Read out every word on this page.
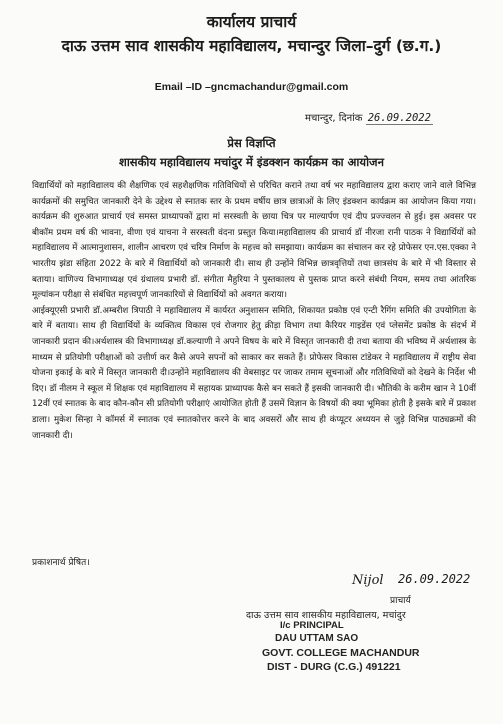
कार्यालय प्राचार्य
दाऊ उत्तम साव शासकीय महाविद्यालय, मचान्दुर जिला–दुर्ग (छ.ग.)
Email –ID –gncmachandur@gmail.com
मचान्दुर, दिनांक 26.09.2022
प्रेस विज्ञप्ति
शासकीय महाविद्यालय मचांदुर में इंडक्शन कार्यक्रम का आयोजन

विद्यार्थियों को महाविद्यालय की शैक्षणिक एवं सहशैक्षणिक गतिविधियों से परिचित कराने तथा वर्ष भर महाविद्यालय द्वारा कराए जाने वाले विभिन्न कार्यक्रमों की समुचित जानकारी देने के उद्देश्य से स्नातक स्तर के प्रथम वर्षीय छात्र छात्राओं के लिए इंडक्शन कार्यक्रम का आयोजन किया गया। कार्यक्रम की शुरुआत प्राचार्य एवं समस्त प्राध्यापकों द्वारा मां सरस्वती के छाया चित्र पर माल्यार्पण एवं दीप प्रज्ज्वलन से हुई। इस अवसर पर बीकॉम प्रथम वर्ष की भावना, वीणा एवं याचना ने सरस्वती वंदना प्रस्तुत किया।महाविद्यालय की प्राचार्य डॉ नीरजा रानी पाठक ने विद्यार्थियों को महाविद्यालय में आत्मानुशासन, शालीन आचरण एवं चरित्र निर्माण के महत्त्व को समझाया। कार्यक्रम का संचालन कर रहे प्रोफेसर एन.एस.एक्का ने भारतीय झंडा संहिता 2022 के बारे में विद्यार्थियों को जानकारी दी। साथ ही उन्होंने विभिन्न छात्रवृत्तियों तथा छात्रसंघ के बारे में भी विस्तार से बताया। वाणिज्य विभागाध्यक्ष एवं ग्रंथालय प्रभारी डॉ. संगीता मैहुरिया ने पुस्तकालय से पुस्तक प्राप्त करने संबंधी नियम, समय तथा आंतरिक मूल्यांकन परीक्षा से संबंधित महत्त्वपूर्ण जानकारियों से विद्यार्थियों को अवगत कराया।

आईक्यूएसी प्रभारी डॉ.अम्बरीश त्रिपाठी ने महाविद्यालय में कार्यरत अनुशासन समिति, शिकायत प्रकोष्ठ एवं एन्टी रैगिंग समिति की उपयोगिता के बारे में बताया। साथ ही विद्यार्थियों के व्यक्तित्व विकास एवं रोजगार हेतु क्रीड़ा विभाग तथा कैरियर गाइडेंस एवं प्लेसमेंट प्रकोष्ठ के संदर्भ में जानकारी प्रदान की।अर्थशास्त्र की विभागाध्यक्ष डॉ.कल्याणी ने अपने विषय के बारे में विस्तृत जानकारी दी तथा बताया की भविष्य में अर्थशास्त्र के माध्यम से प्रतियोगी परीक्षाओं को उत्तीर्ण कर कैसे अपने सपनों को साकार कर सकते हैं। प्रोफेसर विकास टांडेकर ने महाविद्यालय में राष्ट्रीय सेवा योजना इकाई के बारे में विस्तृत जानकारी दी।उन्होंने महाविद्यालय की वेबसाइट पर जाकर तमाम सूचनाओं और गतिविधियों को देखने के निर्देश भी दिए। डॉ नीलम ने स्कूल में शिक्षक एवं महाविद्यालय में सहायक प्राध्यापक कैसे बन सकते हैं इसकी जानकारी दी। भौतिकी के करीम खान ने 10वीं 12वीं एवं स्नातक के बाद कौन-कौन सी प्रतियोगी परीक्षाएं आयोजित होती हैं उसमें विज्ञान के विषयों की क्या भूमिका होती है इसके बारे में प्रकाश डाला। मुकेश सिन्हा ने कॉमर्स में स्नातक एवं स्नातकोत्तर करने के बाद अवसरों और साथ ही कंप्यूटर अध्ययन से जुड़े विभिन्न पाठ्यक्रमों की जानकारी दी।

प्रकाशनार्थ प्रेषित।
Nijol 26.09.2022
प्राचार्य
दाऊ उत्तम साव शासकीय महाविद्यालय, मचांदुर
I/c PRINCIPAL
DAU UTTAM SAO
GOVT. COLLEGE MACHANDUR
DIST - DURG (C.G.) 491221
